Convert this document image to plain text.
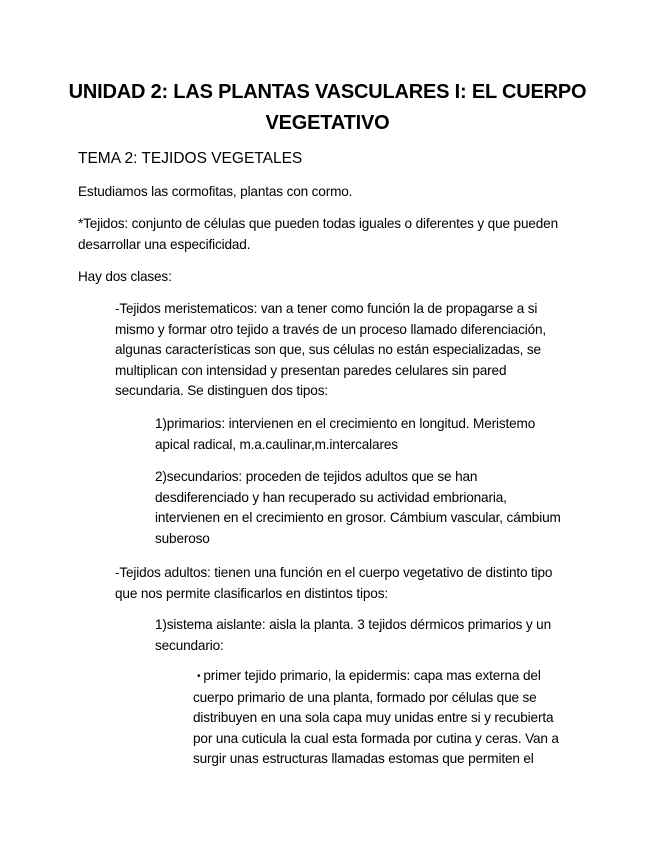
UNIDAD 2: LAS PLANTAS VASCULARES I: EL CUERPO
VEGETATIVO
TEMA 2: TEJIDOS VEGETALES
Estudiamos las cormofitas, plantas con cormo.
*Tejidos: conjunto de células que pueden todas iguales o diferentes y que pueden
desarrollar una especificidad.
Hay dos clases:
-Tejidos meristematicos: van a tener como función la de propagarse a si
mismo y formar otro tejido a través de un proceso llamado diferenciación,
algunas características son que, sus células no están especializadas, se
multiplican con intensidad y presentan paredes celulares sin pared
secundaria. Se distinguen dos tipos:
1)primarios: intervienen en el crecimiento en longitud. Meristemo
apical radical, m.a.caulinar,m.intercalares
2)secundarios: proceden de tejidos adultos que se han
desdiferenciado y han recuperado su actividad embrionaria,
intervienen en el crecimiento en grosor. Cámbium vascular, cámbium
suberoso
-Tejidos adultos: tienen una función en el cuerpo vegetativo de distinto tipo
que nos permite clasificarlos en distintos tipos:
1)sistema aislante: aisla la planta. 3 tejidos dérmicos primarios y un
secundario:
• primer tejido primario, la epidermis: capa mas externa del
cuerpo primario de una planta, formado por células que se
distribuyen en una sola capa muy unidas entre si y recubierta
por una cuticula la cual esta formada por cutina y ceras. Van a
surgir unas estructuras llamadas estomas que permiten el
